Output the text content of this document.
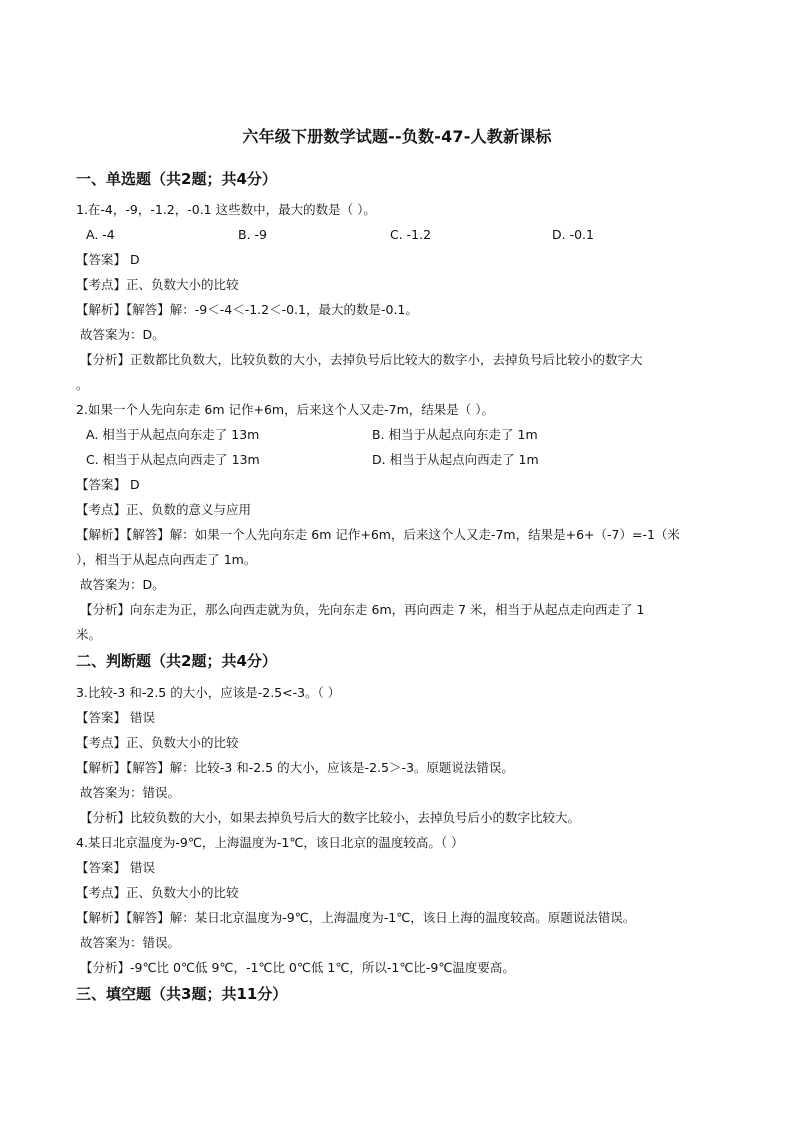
六年级下册数学试题--负数-47-人教新课标
一、单选题（共2题；共4分）
1.在-4，-9，-1.2，-0.1 这些数中，最大的数是（ ）。
A. -4	B. -9	C. -1.2	D. -0.1
【答案】 D
【考点】正、负数大小的比较
【解析】【解答】解：-9＜-4＜-1.2＜-0.1，最大的数是-0.1。
故答案为：D。
【分析】正数都比负数大，比较负数的大小，去掉负号后比较大的数字小，去掉负号后比较小的数字大
。
2.如果一个人先向东走 6m 记作+6m，后来这个人又走-7m，结果是（ ）。
A. 相当于从起点向东走了 13m	B. 相当于从起点向东走了 1m
C. 相当于从起点向西走了 13m	D. 相当于从起点向西走了 1m
【答案】 D
【考点】正、负数的意义与应用
【解析】【解答】解：如果一个人先向东走 6m 记作+6m，后来这个人又走-7m，结果是+6+（-7）=-1（米
），相当于从起点向西走了 1m。
故答案为：D。
【分析】向东走为正，那么向西走就为负，先向东走 6m，再向西走 7 米，相当于从起点走向西走了 1
米。
二、判断题（共2题；共4分）
3.比较-3 和-2.5 的大小，应该是-2.5<-3。（ ）
【答案】 错误
【考点】正、负数大小的比较
【解析】【解答】解：比较-3 和-2.5 的大小，应该是-2.5＞-3。原题说法错误。
故答案为：错误。
【分析】比较负数的大小，如果去掉负号后大的数字比较小，去掉负号后小的数字比较大。
4.某日北京温度为-9℃，上海温度为-1℃，该日北京的温度较高。（ ）
【答案】 错误
【考点】正、负数大小的比较
【解析】【解答】解：某日北京温度为-9℃，上海温度为-1℃，该日上海的温度较高。原题说法错误。
故答案为：错误。
【分析】-9℃比 0℃低 9℃，-1℃比 0℃低 1℃，所以-1℃比-9℃温度要高。
三、填空题（共3题；共11分）
